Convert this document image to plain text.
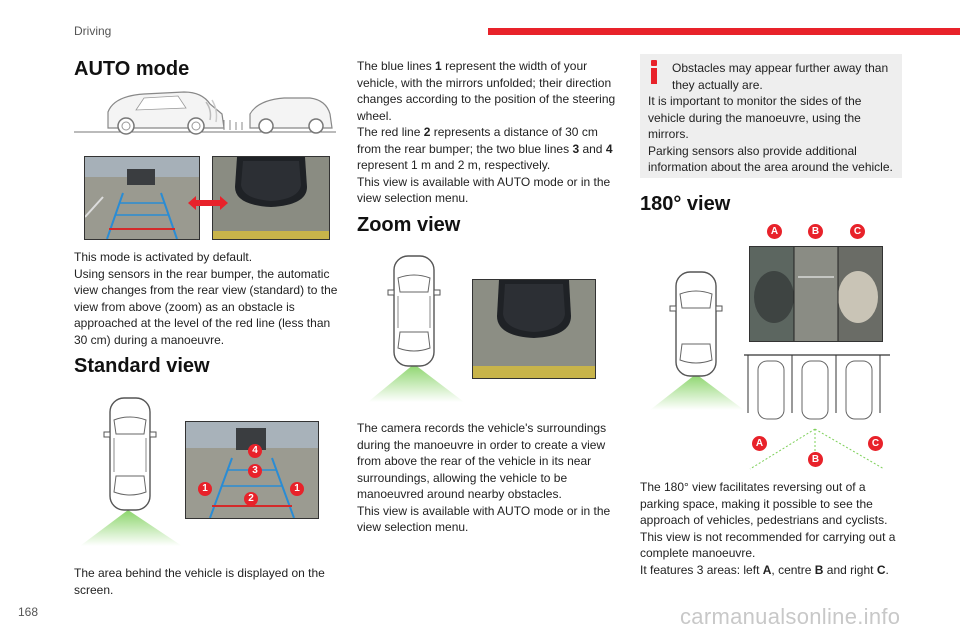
Driving
AUTO mode

This mode is activated by default.

Using sensors in the rear bumper, the automatic view changes from the rear view (standard) to the view from above (zoom) as an obstacle is approached at the level of the red line (less than 30 cm) during a manoeuvre.

Standard view
4
3
1
2
1
The area behind the vehicle is displayed on the screen.

The blue lines 1 represent the width of your vehicle, with the mirrors unfolded; their direction changes according to the position of the steering wheel.

The red line 2 represents a distance of 30 cm from the rear bumper; the two blue lines 3 and 4 represent 1 m and 2 m, respectively.

This view is available with AUTO mode or in the view selection menu.

Zoom view

The camera records the vehicle's surroundings during the manoeuvre in order to create a view from above the rear of the vehicle in its near surroundings, allowing the vehicle to be manoeuvred around nearby obstacles.

This view is available with AUTO mode or in the view selection menu.

Obstacles may appear further away than they actually are.

It is important to monitor the sides of the vehicle during the manoeuvre, using the mirrors.

Parking sensors also provide additional information about the area around the vehicle.

180° view
A	B	C
A
B
C

The 180° view facilitates reversing out of a parking space, making it possible to see the approach of vehicles, pedestrians and cyclists.

This view is not recommended for carrying out a complete manoeuvre.

It features 3 areas: left A, centre B and right C.

168	carmanualsonline.info
